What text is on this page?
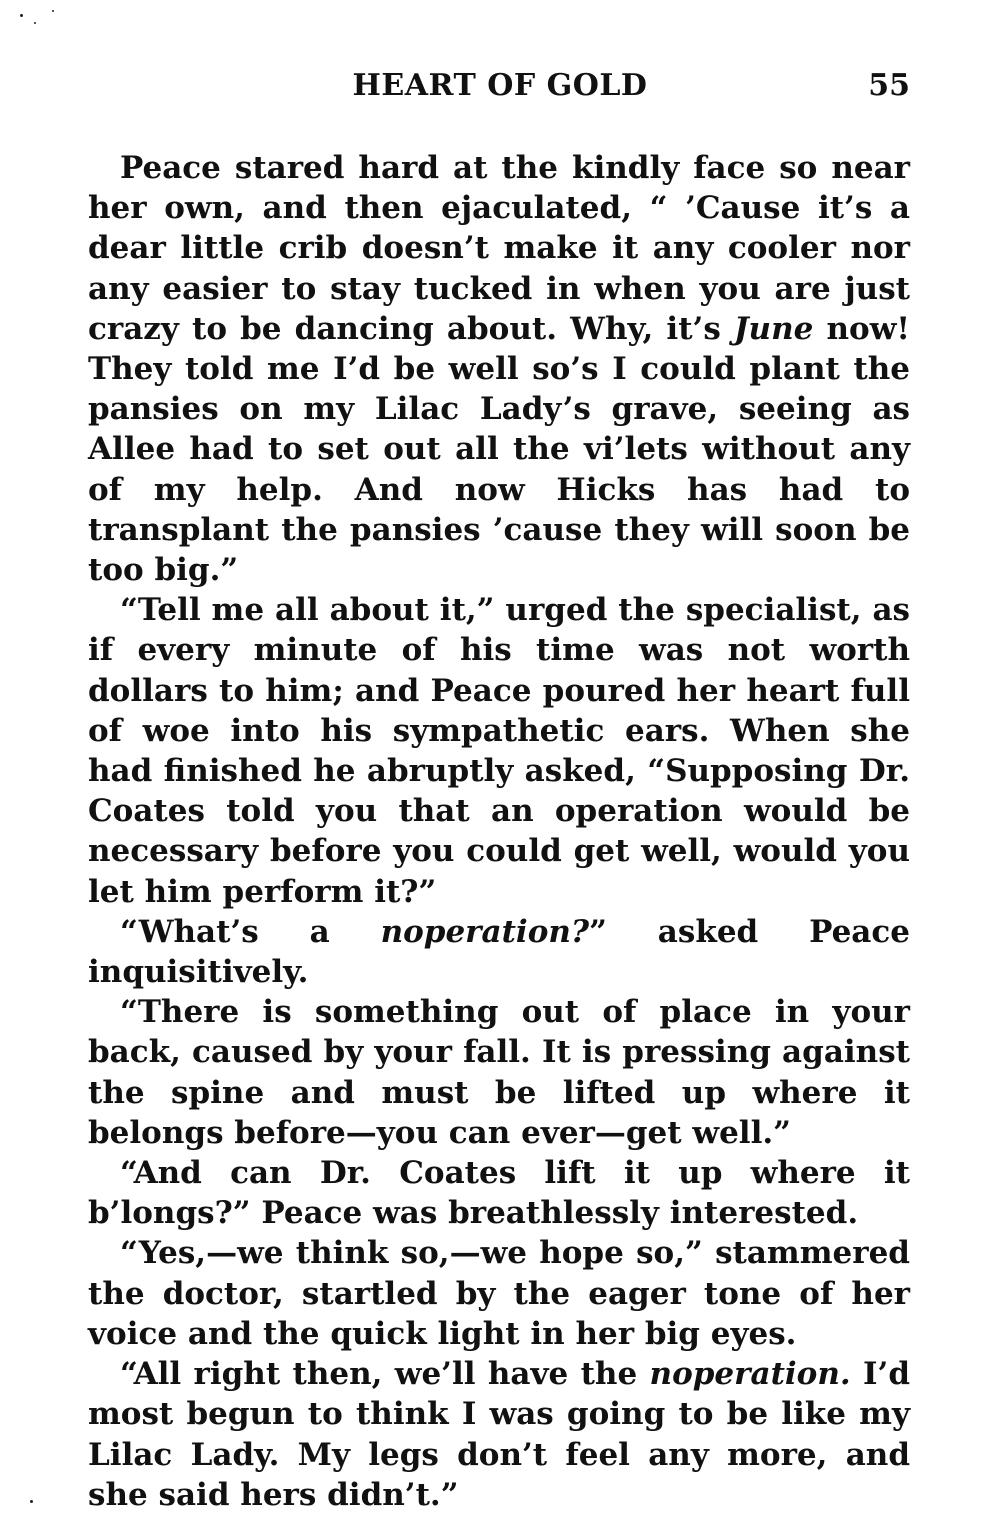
HEART OF GOLD	55

Peace stared hard at the kindly face so near her own, and then ejaculated, “ ’Cause it’s a dear little crib doesn’t make it any cooler nor any easier to stay tucked in when you are just crazy to be dancing about. Why, it’s June now! They told me I’d be well so’s I could plant the pansies on my Lilac Lady’s grave, seeing as Allee had to set out all the vi’lets without any of my help. And now Hicks has had to transplant the pansies ’cause they will soon be too big.”

“Tell me all about it,” urged the specialist, as if every minute of his time was not worth dollars to him; and Peace poured her heart full of woe into his sympathetic ears. When she had finished he abruptly asked, “Supposing Dr. Coates told you that an operation would be necessary before you could get well, would you let him perform it?”

“What’s a noperation?” asked Peace inquisitively.

“There is something out of place in your back, caused by your fall. It is pressing against the spine and must be lifted up where it belongs before—you can ever—get well.”

“And can Dr. Coates lift it up where it b’longs?” Peace was breathlessly interested.

“Yes,—we think so,—we hope so,” stammered the doctor, startled by the eager tone of her voice and the quick light in her big eyes.

“All right then, we’ll have the noperation. I’d most begun to think I was going to be like my Lilac Lady. My legs don’t feel any more, and she said hers didn’t.”
